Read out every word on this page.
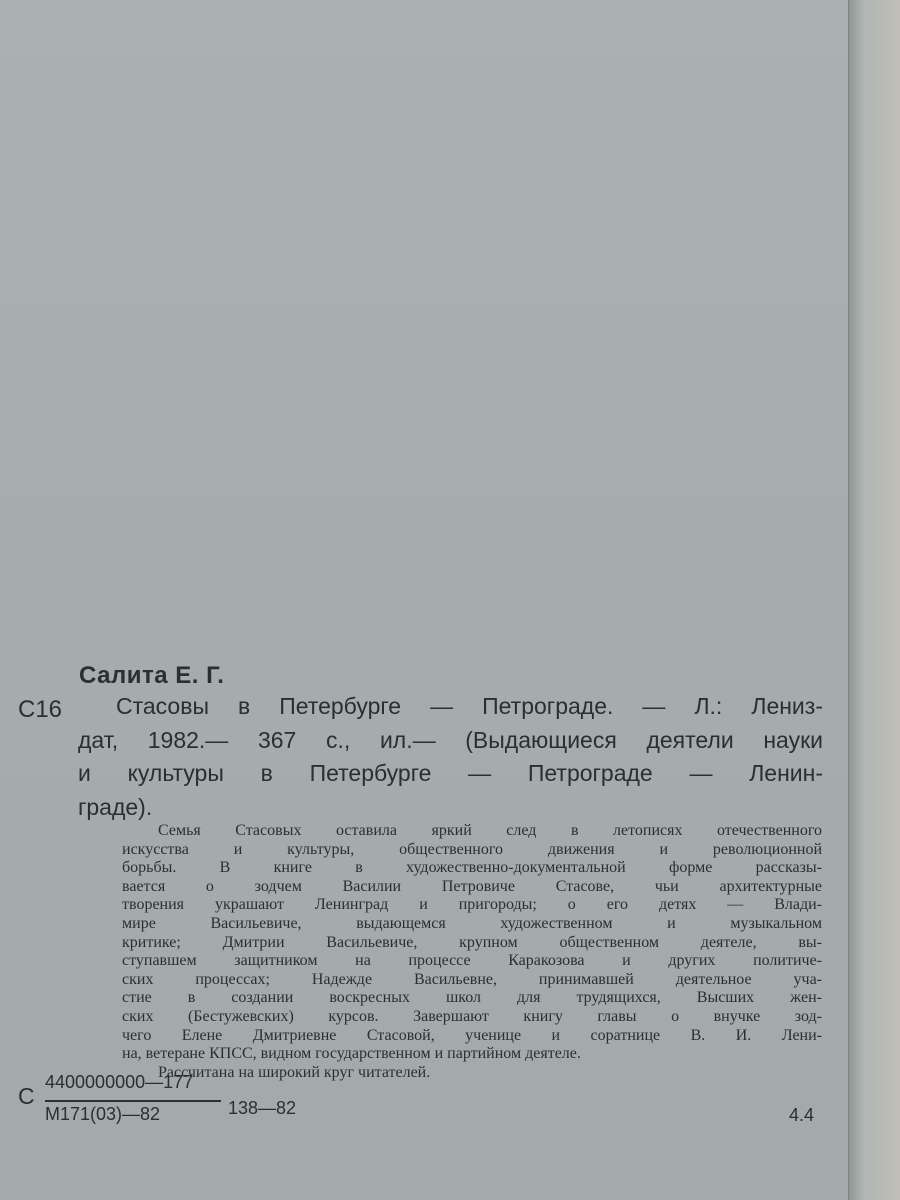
Салита Е. Г.
С16	Стасовы в Петербурге — Петрограде. — Л.: Лениз-
дат, 1982.— 367 с., ил.— (Выдающиеся деятели науки
и культуры в Петербурге — Петрограде — Ленин-
граде).
Семья Стасовых оставила яркий след в летописях отечественного
искусства и культуры, общественного движения и революционной
борьбы. В книге в художественно-документальной форме рассказы-
вается о зодчем Василии Петровиче Стасове, чьи архитектурные
творения украшают Ленинград и пригороды; о его детях — Влади-
мире Васильевиче, выдающемся художественном и музыкальном
критике; Дмитрии Васильевиче, крупном общественном деятеле, вы-
ступавшем защитником на процессе Каракозова и других политиче-
ских процессах; Надежде Васильевне, принимавшей деятельное уча-
стие в создании воскресных школ для трудящихся, Высших жен-
ских (Бестужевских) курсов. Завершают книгу главы о внучке зод-
чего Елене Дмитриевне Стасовой, ученице и соратнице В. И. Лени-
на, ветеране КПСС, видном государственном и партийном деятеле.
Рассчитана на широкий круг читателей.
С
4400000000—177
М171(03)—82	138—82	4.4
